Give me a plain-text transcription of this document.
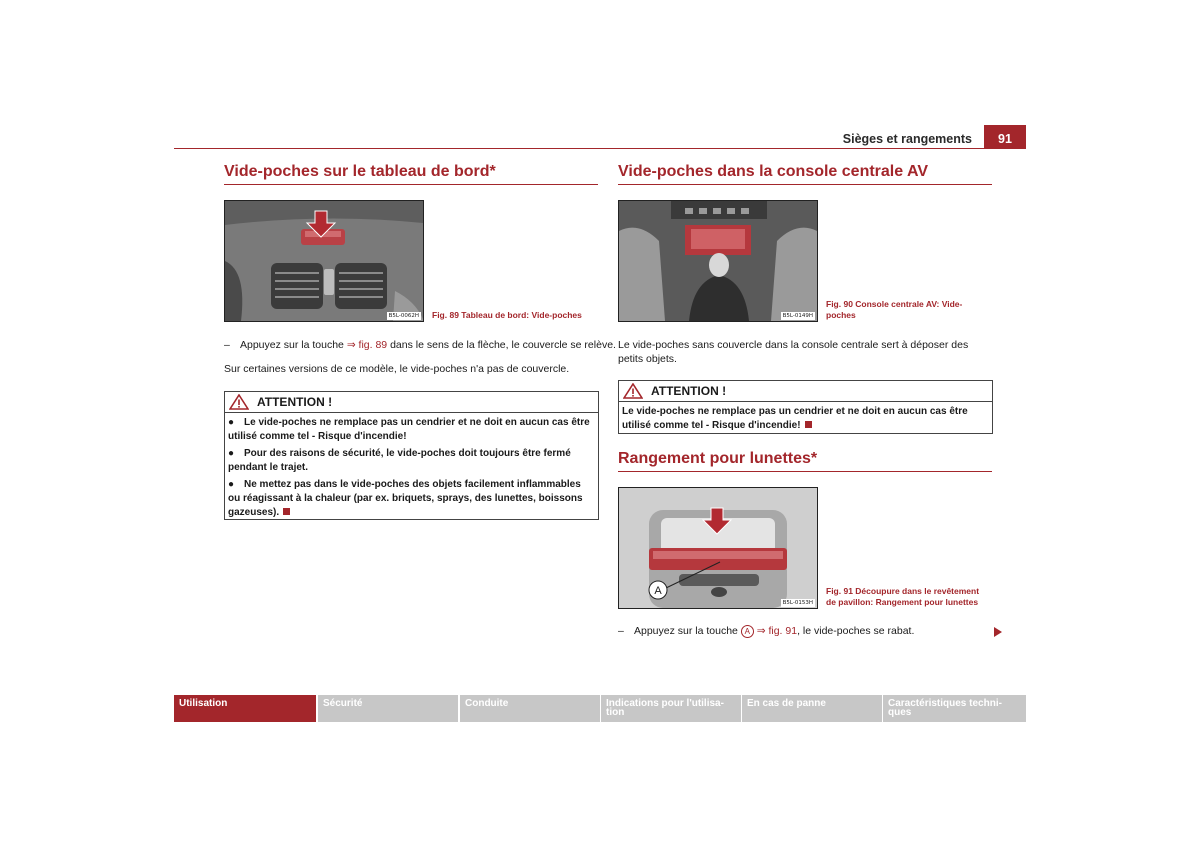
Sièges et rangements	91
Vide-poches sur le tableau de bord*
B5L-0062H Fig. 89 Tableau de bord: Vide-poches
– Appuyez sur la touche ⇒ fig. 89 dans le sens de la flèche, le couvercle se relève.
Sur certaines versions de ce modèle, le vide-poches n'a pas de couvercle.
ATTENTION !

● Le vide-poches ne remplace pas un cendrier et ne doit en aucun cas être utilisé comme tel - Risque d'incendie!

● Pour des raisons de sécurité, le vide-poches doit toujours être fermé pendant le trajet.

● Ne mettez pas dans le vide-poches des objets facilement inflammables ou réagissant à la chaleur (par ex. briquets, sprays, des lunettes, boissons gazeuses).

Vide-poches dans la console centrale AV
B5L-0149H
Fig. 90 Console centrale AV: Vide-
poches
Le vide-poches sans couvercle dans la console centrale sert à déposer des petits objets.
ATTENTION !

Le vide-poches ne remplace pas un cendrier et ne doit en aucun cas être utilisé comme tel - Risque d'incendie!

Rangement pour lunettes*
A
B5L-0153H
Fig. 91 Découpure dans le revêtement
de pavillon: Rangement pour lunettes
– Appuyez sur la touche A ⇒ fig. 91, le vide-poches se rabat.
Utilisation	Sécurité	Conduite	Indications pour l'utilisa- tion
En cas de panne	Caractéristiques techni- ques
